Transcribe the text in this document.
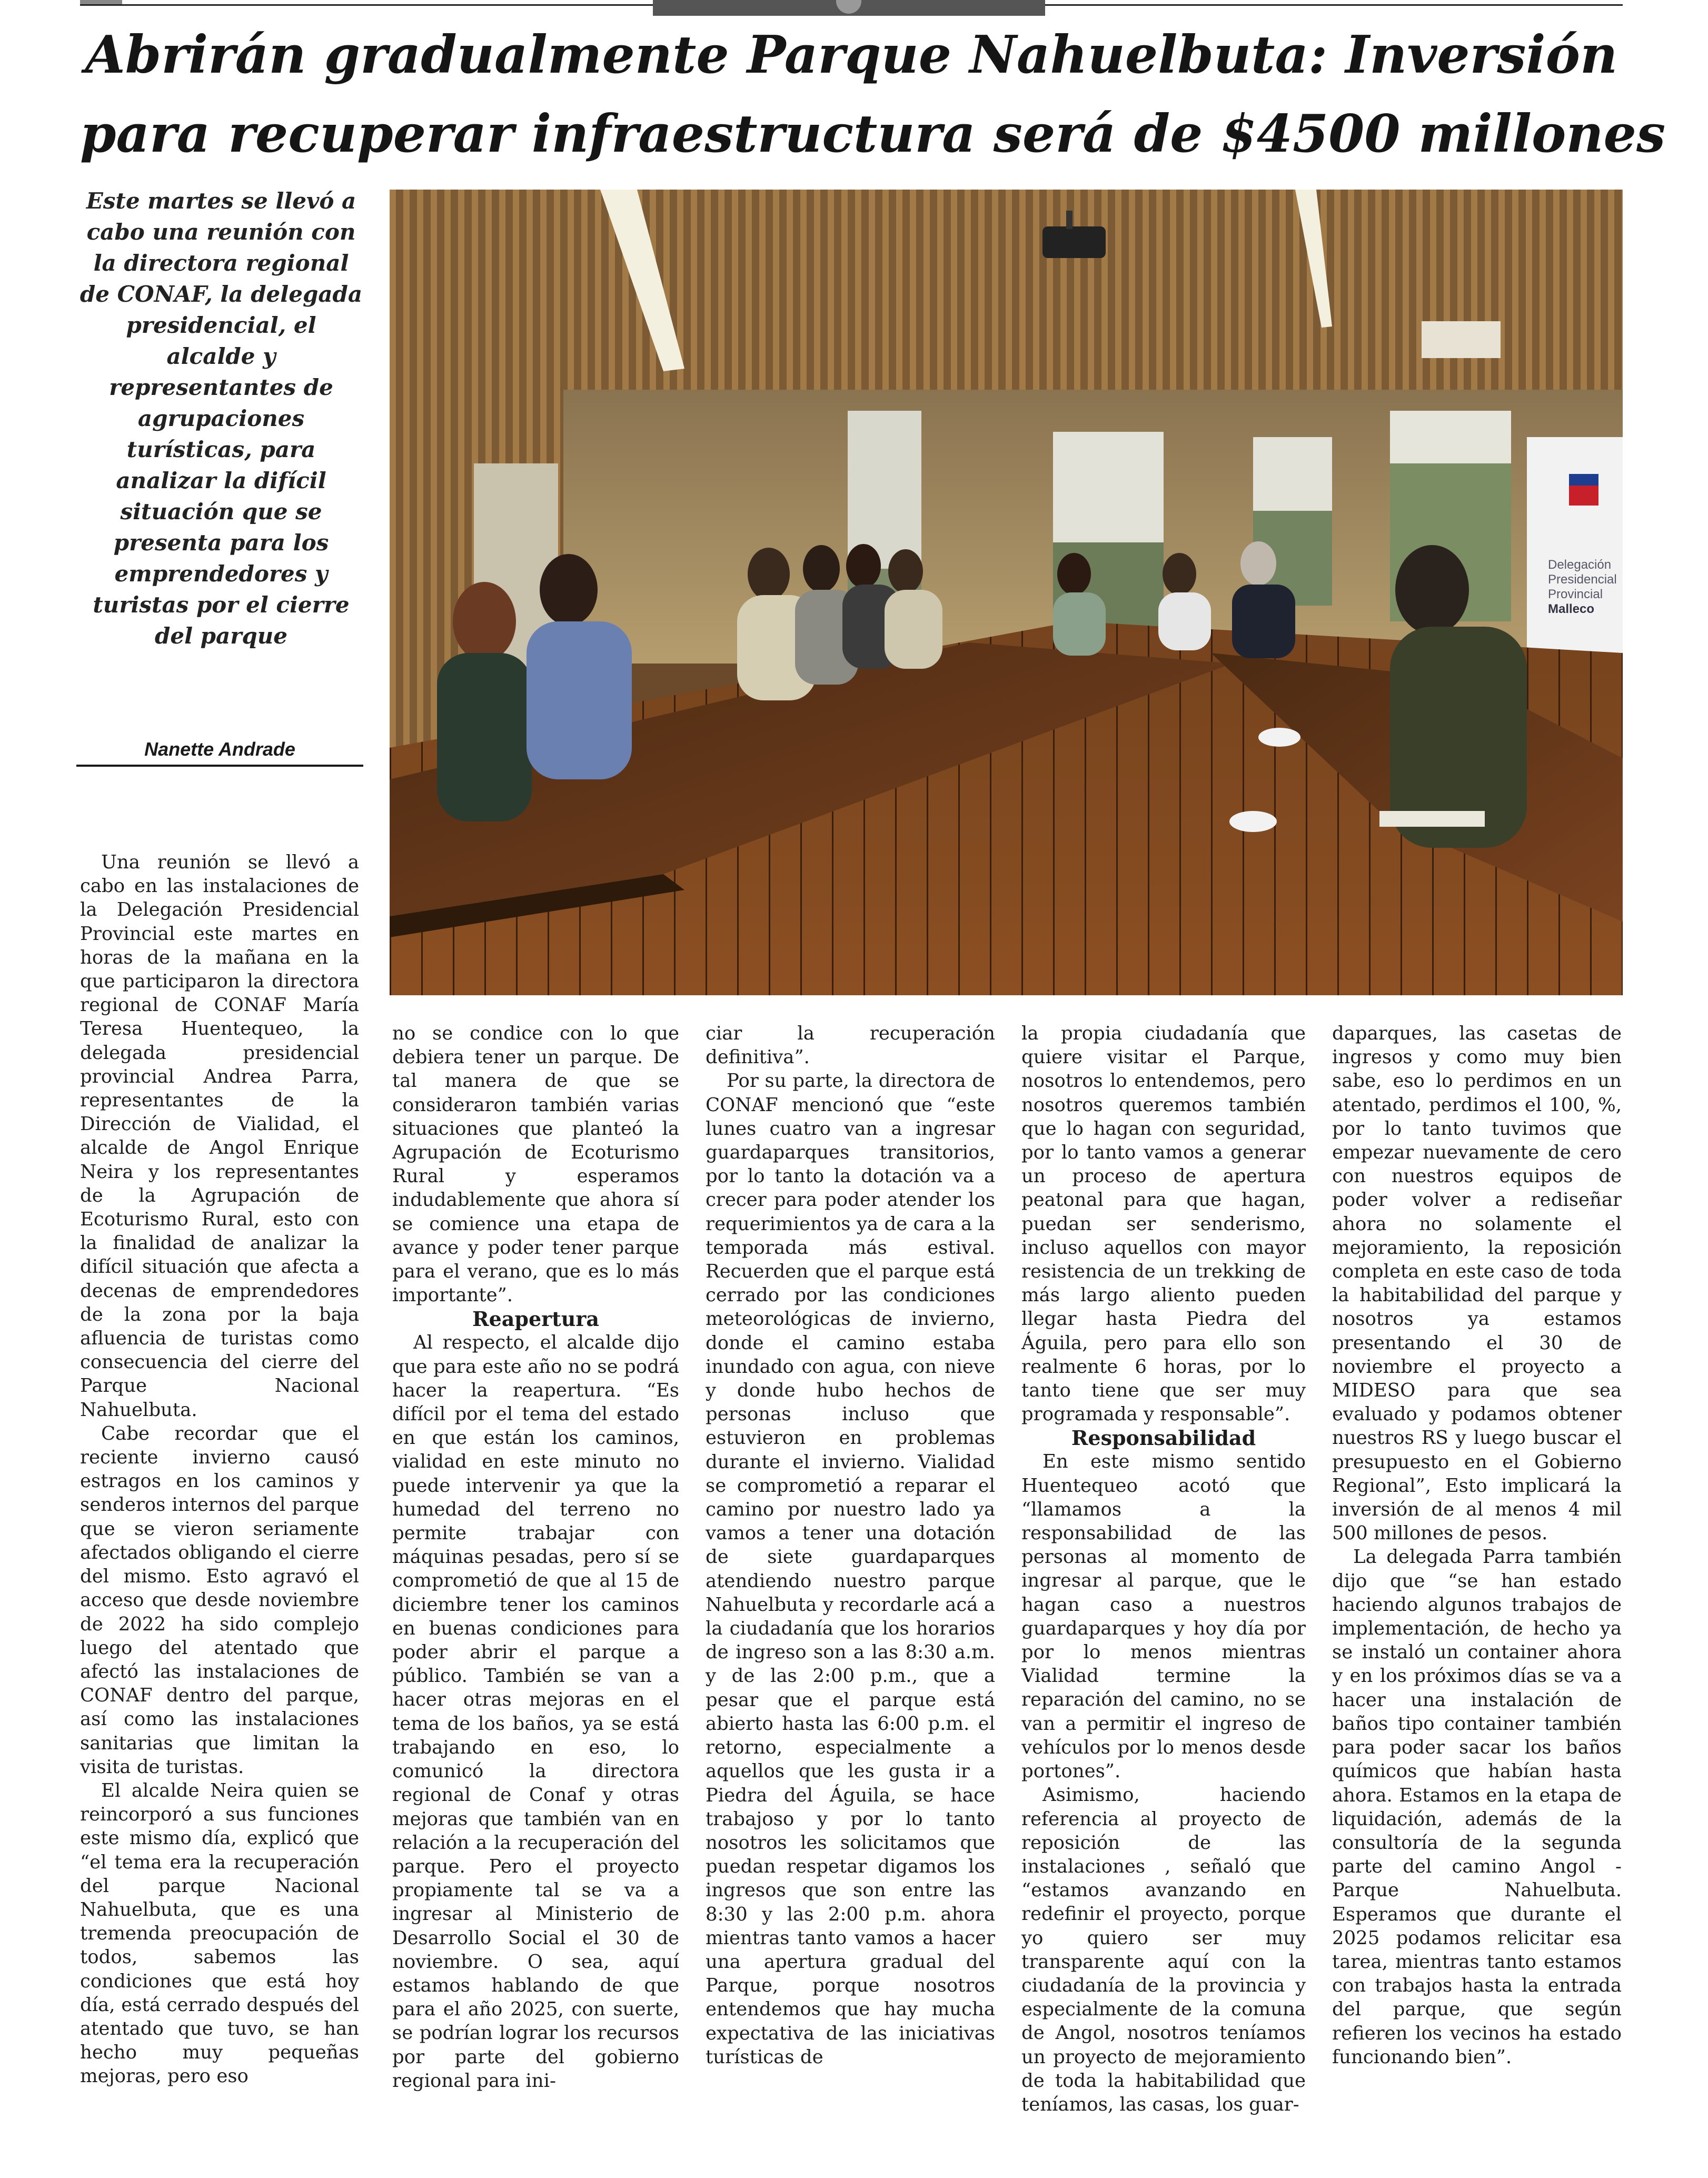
Abrirán gradualmente Parque Nahuelbuta: Inversión
para recuperar infraestructura será de $4500 millones
Este martes se llevó a cabo una reunión con la directora regional de CONAF, la delegada presidencial, el alcalde y representantes de agrupaciones turísticas, para analizar la difícil situación que se presenta para los emprendedores y turistas por el cierre del parque
Nanette Andrade
Delegación
Presidencial
Provincial
Malleco

Una reunión se llevó a cabo en las instalaciones de la Delegación Presidencial Provincial este martes en horas de la mañana en la que participaron la directora regional de CONAF María Teresa Huentequeo, la delegada presidencial provincial Andrea Parra, representantes de la Dirección de Vialidad, el alcalde de Angol Enrique Neira y los representantes de la Agrupación de Ecoturismo Rural, esto con la finalidad de analizar la difícil situación que afecta a decenas de emprendedores de la zona por la baja afluencia de turistas como consecuencia del cierre del Parque Nacional Nahuelbuta.

Cabe recordar que el reciente invierno causó estragos en los caminos y senderos internos del parque que se vieron seriamente afectados obligando el cierre del mismo. Esto agravó el acceso que desde noviembre de 2022 ha sido complejo luego del atentado que afectó las instalaciones de CONAF dentro del parque, así como las instalaciones sanitarias que limitan la visita de turistas.

El alcalde Neira quien se reincorporó a sus funciones este mismo día, explicó que “el tema era la recuperación del parque Nacional Nahuelbuta, que es una tremenda preocupación de todos, sabemos las condiciones que está hoy día, está cerrado después del atentado que tuvo, se han hecho muy pequeñas mejoras, pero eso

no se condice con lo que debiera tener un parque. De tal manera de que se consideraron también varias situaciones que planteó la Agrupación de Ecoturismo Rural y esperamos indudablemente que ahora sí se comience una etapa de avance y poder tener parque para el verano, que es lo más importante”.

Reapertura

Al respecto, el alcalde dijo que para este año no se podrá hacer la reapertura. “Es difícil por el tema del estado en que están los caminos, vialidad en este minuto no puede intervenir ya que la humedad del terreno no permite trabajar con máquinas pesadas, pero sí se comprometió de que al 15 de diciembre tener los caminos en buenas condiciones para poder abrir el parque a público. También se van a hacer otras mejoras en el tema de los baños, ya se está trabajando en eso, lo comunicó la directora regional de Conaf y otras mejoras que también van en relación a la recuperación del parque. Pero el proyecto propiamente tal se va a ingresar al Ministerio de Desarrollo Social el 30 de noviembre. O sea, aquí estamos hablando de que para el año 2025, con suerte, se podrían lograr los recursos por parte del gobierno regional para ini-

ciar la recuperación definitiva”.

Por su parte, la directora de CONAF mencionó que “este lunes cuatro van a ingresar guardaparques transitorios, por lo tanto la dotación va a crecer para poder atender los requerimientos ya de cara a la temporada más estival. Recuerden que el parque está cerrado por las condiciones meteorológicas de invierno, donde el camino estaba inundado con agua, con nieve y donde hubo hechos de personas incluso que estuvieron en problemas durante el invierno. Vialidad se comprometió a reparar el camino por nuestro lado ya vamos a tener una dotación de siete guardaparques atendiendo nuestro parque Nahuelbuta y recordarle acá a la ciudadanía que los horarios de ingreso son a las 8:30 a.m. y de las 2:00 p.m., que a pesar que el parque está abierto hasta las 6:00 p.m. el retorno, especialmente a aquellos que les gusta ir a Piedra del Águila, se hace trabajoso y por lo tanto nosotros les solicitamos que puedan respetar digamos los ingresos que son entre las 8:30 y las 2:00 p.m. ahora mientras tanto vamos a hacer una apertura gradual del Parque, porque nosotros entendemos que hay mucha expectativa de las iniciativas turísticas de

la propia ciudadanía que quiere visitar el Parque, nosotros lo entendemos, pero nosotros queremos también que lo hagan con seguridad, por lo tanto vamos a generar un proceso de apertura peatonal para que hagan, puedan ser senderismo, incluso aquellos con mayor resistencia de un trekking de más largo aliento pueden llegar hasta Piedra del Águila, pero para ello son realmente 6 horas, por lo tanto tiene que ser muy programada y responsable”.

Responsabilidad

En este mismo sentido Huentequeo acotó que “llamamos a la responsabilidad de las personas al momento de ingresar al parque, que le hagan caso a nuestros guardaparques y hoy día por por lo menos mientras Vialidad termine la reparación del camino, no se van a permitir el ingreso de vehículos por lo menos desde portones”.

Asimismo, haciendo referencia al proyecto de reposición de las instalaciones , señaló que “estamos avanzando en redefinir el proyecto, porque yo quiero ser muy transparente aquí con la ciudadanía de la provincia y especialmente de la comuna de Angol, nosotros teníamos un proyecto de mejoramiento de toda la habitabilidad que teníamos, las casas, los guar-

daparques, las casetas de ingresos y como muy bien sabe, eso lo perdimos en un atentado, perdimos el 100, %, por lo tanto tuvimos que empezar nuevamente de cero con nuestros equipos de poder volver a rediseñar ahora no solamente el mejoramiento, la reposición completa en este caso de toda la habitabilidad del parque y nosotros ya estamos presentando el 30 de noviembre el proyecto a MIDESO para que sea evaluado y podamos obtener nuestros RS y luego buscar el presupuesto en el Gobierno Regional”, Esto implicará la inversión de al menos 4 mil 500 millones de pesos.

La delegada Parra también dijo que “se han estado haciendo algunos trabajos de implementación, de hecho ya se instaló un container ahora y en los próximos días se va a hacer una instalación de baños tipo container también para poder sacar los baños químicos que habían hasta ahora. Estamos en la etapa de liquidación, además de la consultoría de la segunda parte del camino Angol - Parque Nahuelbuta. Esperamos que durante el 2025 podamos relicitar esa tarea, mientras tanto estamos con trabajos hasta la entrada del parque, que según refieren los vecinos ha estado funcionando bien”.
